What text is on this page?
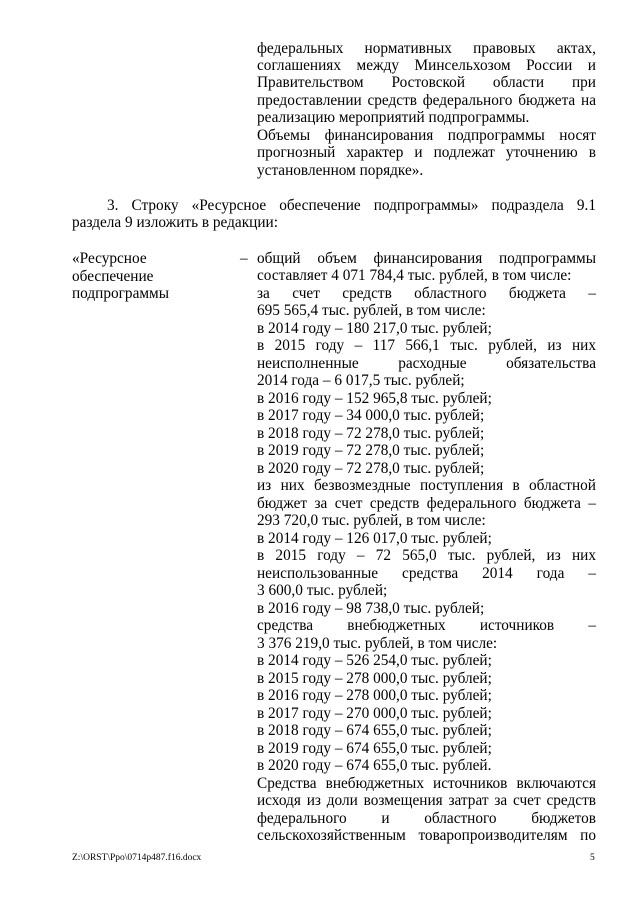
федеральных нормативных правовых актах,
соглашениях между Минсельхозом России и
Правительством Ростовской области при
предоставлении средств федерального бюджета на
реализацию мероприятий подпрограммы.
Объемы финансирования подпрограммы носят
прогнозный характер и подлежат уточнению в
установленном порядке».
3. Строку «Ресурсное обеспечение подпрограммы» подраздела 9.1
раздела 9 изложить в редакции:
«Ресурсное
обеспечение
подпрограммы
– общий объем финансирования подпрограммы
составляет 4 071 784,4 тыс. рублей, в том числе:
за счет средств областного бюджета –
695 565,4 тыс. рублей, в том числе:
в 2014 году – 180 217,0 тыс. рублей;
в 2015 году – 117 566,1 тыс. рублей, из них
неисполненные расходные обязательства
2014 года – 6 017,5 тыс. рублей;
в 2016 году – 152 965,8 тыс. рублей;
в 2017 году – 34 000,0 тыс. рублей;
в 2018 году – 72 278,0 тыс. рублей;
в 2019 году – 72 278,0 тыс. рублей;
в 2020 году – 72 278,0 тыс. рублей;
из них безвозмездные поступления в областной
бюджет за счет средств федерального бюджета –
293 720,0 тыс. рублей, в том числе:
в 2014 году – 126 017,0 тыс. рублей;
в 2015 году – 72 565,0 тыс. рублей, из них
неиспользованные средства 2014 года –
3 600,0 тыс. рублей;
в 2016 году – 98 738,0 тыс. рублей;
средства внебюджетных источников –
3 376 219,0 тыс. рублей, в том числе:
в 2014 году – 526 254,0 тыс. рублей;
в 2015 году – 278 000,0 тыс. рублей;
в 2016 году – 278 000,0 тыс. рублей;
в 2017 году – 270 000,0 тыс. рублей;
в 2018 году – 674 655,0 тыс. рублей;
в 2019 году – 674 655,0 тыс. рублей;
в 2020 году – 674 655,0 тыс. рублей.
Средства внебюджетных источников включаются
исходя из доли возмещения затрат за счет средств
федерального и областного бюджетов
сельскохозяйственным товаропроизводителям по
Z:\ORST\Ppo\0714p487.f16.docx	5
